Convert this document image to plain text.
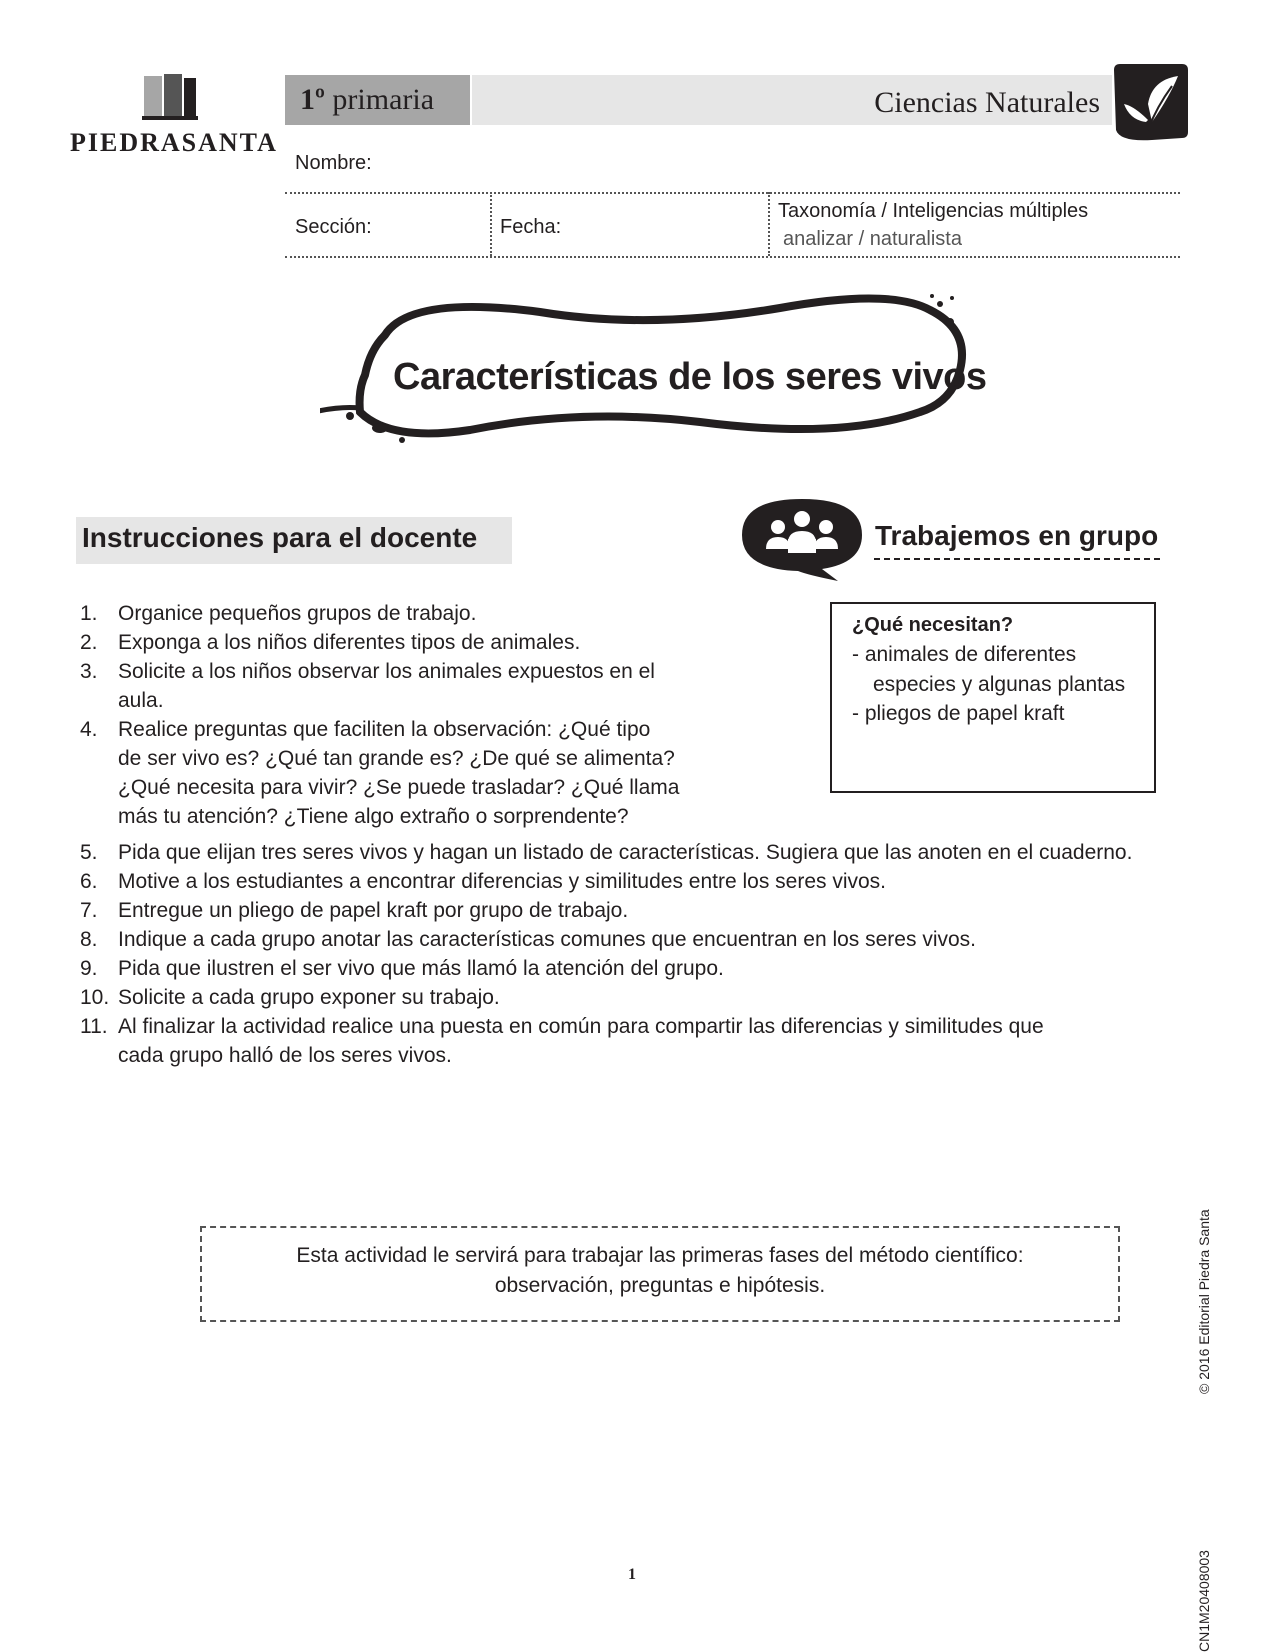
PIEDRASANTA
1º primaria	Ciencias Naturales
Nombre:
Sección:	Fecha:
Taxonomía / Inteligencias múltiples
analizar / naturalista
Características de los seres vivos
Instrucciones para el docente	Trabajemos en grupo
¿Qué necesitan?
- animales de diferentes
especies y algunas plantas
- pliegos de papel kraft
1. Organice pequeños grupos de trabajo.
2. Exponga a los niños diferentes tipos de animales.
3. Solicite a los niños observar los animales expuestos en el
aula.
4. Realice preguntas que faciliten la observación: ¿Qué tipo
de ser vivo es? ¿Qué tan grande es? ¿De qué se alimenta?
¿Qué necesita para vivir? ¿Se puede trasladar? ¿Qué llama
más tu atención? ¿Tiene algo extraño o sorprendente?
5. Pida que elijan tres seres vivos y hagan un listado de características. Sugiera que las anoten en el cuaderno.
6. Motive a los estudiantes a encontrar diferencias y similitudes entre los seres vivos.
7. Entregue un pliego de papel kraft por grupo de trabajo.
8. Indique a cada grupo anotar las características comunes que encuentran en los seres vivos.
9. Pida que ilustren el ser vivo que más llamó la atención del grupo.
10. Solicite a cada grupo exponer su trabajo.
11. Al finalizar la actividad realice una puesta en común para compartir las diferencias y similitudes que
cada grupo halló de los seres vivos.
Esta actividad le servirá para trabajar las primeras fases del método científico:
observación, preguntas e hipótesis.	© 2016 Editorial Piedra Santa
CN1M20408003
1
